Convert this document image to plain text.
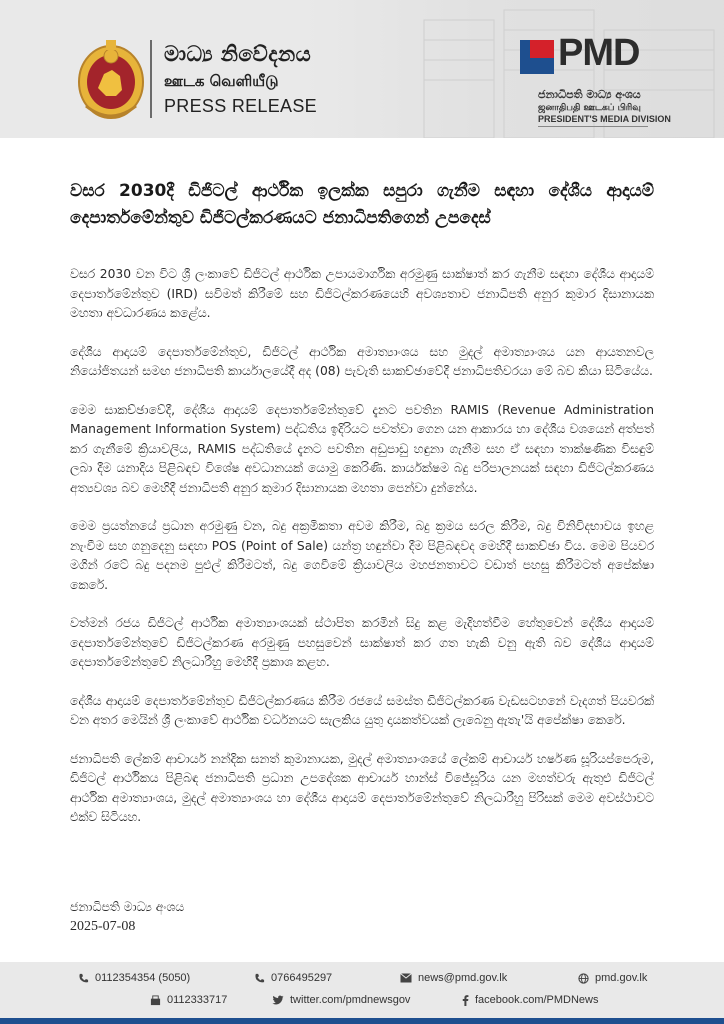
මාධ්‍ය නිවේදනය
ஊடக வெளியீடு
PRESS RELEASE
PMD
ජනාධිපති මාධ්‍ය අංශය
ஜனாதிபதி ஊடகப் பிரிவு
PRESIDENT'S MEDIA DIVISION
වසර 2030දී ඩිජිටල් ආර්ථික ඉලක්ක සපුරා ගැනීම සඳහා දේශීය ආදායම් දෙපාර්තමේන්තුව ඩිජිටල්කරණයට ජනාධිපතිගෙන් උපදෙස්

වසර 2030 වන විට ශ්‍රී ලංකාවේ ඩිජිටල් ආර්ථික උපායමාර්ගික අරමුණු සාක්ෂාත් කර ගැනීම සඳහා දේශීය ආදායම් දෙපාර්තමේන්තුව (IRD) සවිමත් කිරීමේ සහ ඩිජිටල්කරණයෙහි අවශ්‍යතාව ජනාධිපති අනුර කුමාර දිසානායක මහතා අවධාරණය කළේය.

දේශීය ආදායම් දෙපාර්තමේන්තුව, ඩිජිටල් ආර්ථික අමාත්‍යාංශය සහ මුදල් අමාත්‍යාංශය යන ආයතනවල නියෝජිතයන් සමඟ ජනාධිපති කාර්යාලයේදී අද (08) පැවැති සාකච්ඡාවේදී ජනාධිපතිවරයා මේ බව කියා සිටියේය.

මෙම සාකච්ඡාවේදී, දේශීය ආදායම් දෙපාර්තමේන්තුවේ දැනට පවතින RAMIS (Revenue Administration Management Information System) පද්ධතිය ඉදිරියට පවත්වා ගෙන යන ආකාරය හා දේශීය වශයෙන් අත්පත් කර ගැනීමේ ක්‍රියාවලිය, RAMIS පද්ධතියේ දැනට පවතින අඩුපාඩු හඳුනා ගැනීම සහ ඒ සඳහා තාක්ෂණික විසඳුම් ලබා දීම යනාදිය පිළිබඳව විශේෂ අවධානයක් යොමු කෙරිණි. කාර්යක්ෂම බදු පරිපාලනයක් සඳහා ඩිජිටල්කරණය අත්‍යවශ්‍ය බව මෙහිදී ජනාධිපති අනුර කුමාර දිසානායක මහතා පෙන්වා දුන්නේය.

මෙම ප්‍රයත්නයේ ප්‍රධාන අරමුණු වන, බදු අක්‍රමිකතා අවම කිරීම, බදු ක්‍රමය සරල කිරීම, බදු විනිවිදභාවය ඉහළ නැංවීම සහ ගනුදෙනු සඳහා POS (Point of Sale) යන්ත්‍ර හඳුන්වා දීම පිළිබඳවද මෙහිදී සාකච්ඡා විය. මෙම පියවර මගින් රටේ බදු පදනම පුළුල් කිරීමටත්, බදු ගෙවීමේ ක්‍රියාවලිය මහජනතාවට වඩාත් පහසු කිරීමටත් අපේක්ෂා කෙරේ.

වත්මන් රජය ඩිජිටල් ආර්ථික අමාත්‍යාංශයක් ස්ථාපිත කරමින් සිදු කළ මැදිහත්වීම හේතුවෙන් දේශීය ආදායම් දෙපාර්තමේන්තුවේ ඩිජිටල්කරණ අරමුණු පහසුවෙන් සාක්ෂාත් කර ගත හැකි වනු ඇති බව දේශීය ආදායම් දෙපාර්තමේන්තුවේ නිලධාරීහු මෙහිදී ප්‍රකාශ කළහ.

දේශීය ආදායම් දෙපාර්තමේන්තුව ඩිජිටල්කරණය කිරීම රජයේ සමස්ත ඩිජිටල්කරණ වැඩසටහනේ වැදගත් පියවරක් වන අතර මෙයින් ශ්‍රී ලංකාවේ ආර්ථික වර්ධනයට සැලකිය යුතු දායකත්වයක් ලැබෙනු ඇතැ'යි අපේක්ෂා කෙරේ.

ජනාධිපති ලේකම් ආචාර්ය නන්දික සනත් කුමානායක, මුදල් අමාත්‍යාංශයේ ලේකම් ආචාර්ය හර්ෂණ සූරියප්පෙරුම, ඩිජිටල් ආර්ථිකය පිළිබඳ ජනාධිපති ප්‍රධාන උපදේශක ආචාර්ය හාන්ස් විජේසූරිය යන මහත්වරු ඇතුළු ඩිජිටල් ආර්ථික අමාත්‍යාංශය, මුදල් අමාත්‍යාංශය හා දේශීය ආදායම් දෙපාර්තමේන්තුවේ නිලධාරීහු පිරිසක් මෙම අවස්ථාවට එක්ව සිටියහ.

ජනාධිපති මාධ්‍ය අංශය
2025-07-08
0112354354 (5050)	0766495297	news@pmd.gov.lk	pmd.gov.lk
0112333717	twitter.com/pmdnewsgov	facebook.com/PMDNews
